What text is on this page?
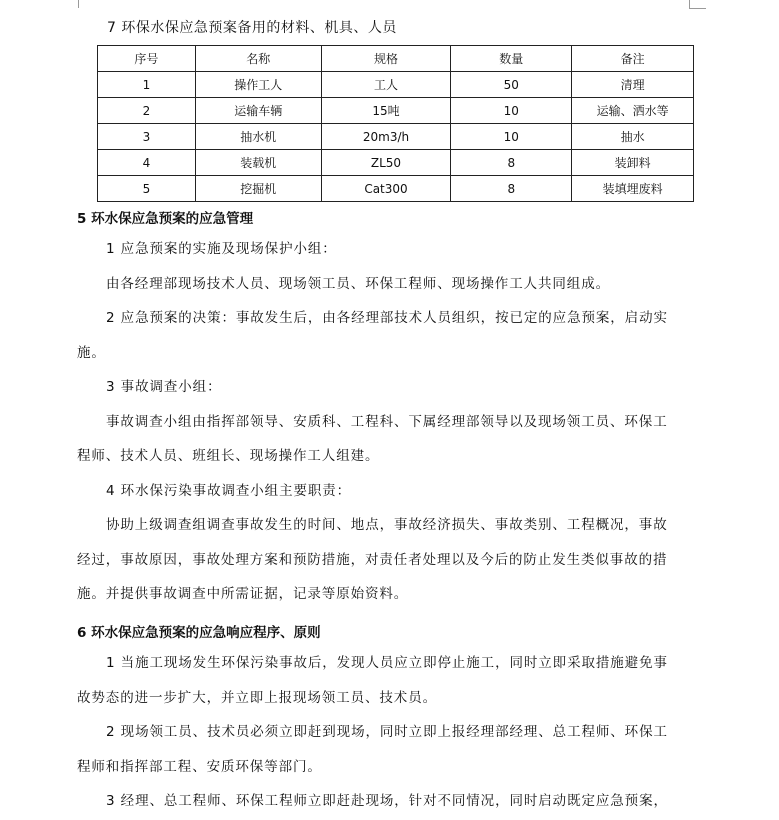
7 环保水保应急预案备用的材料、机具、人员
序号	名称	规格	数量	备注
1	操作工人	工人	50	清理
2	运输车辆	15吨	10	运输、洒水等
3	抽水机	20m3/h	10	抽水
4	装载机	ZL50	8	装卸料
5	挖掘机	Cat300	8	装填埋废料
5 环水保应急预案的应急管理
1 应急预案的实施及现场保护小组：
由各经理部现场技术人员、现场领工员、环保工程师、现场操作工人共同组成。
2 应急预案的决策：事故发生后，由各经理部技术人员组织，按已定的应急预案，启动实
施。
3 事故调查小组：
事故调查小组由指挥部领导、安质科、工程科、下属经理部领导以及现场领工员、环保工
程师、技术人员、班组长、现场操作工人组建。
4 环水保污染事故调查小组主要职责：
协助上级调查组调查事故发生的时间、地点，事故经济损失、事故类别、工程概况，事故
经过，事故原因，事故处理方案和预防措施，对责任者处理以及今后的防止发生类似事故的措
施。并提供事故调查中所需证据，记录等原始资料。
6 环水保应急预案的应急响应程序、原则
1 当施工现场发生环保污染事故后，发现人员应立即停止施工，同时立即采取措施避免事
故势态的进一步扩大，并立即上报现场领工员、技术员。
2 现场领工员、技术员必须立即赶到现场，同时立即上报经理部经理、总工程师、环保工
程师和指挥部工程、安质环保等部门。
3 经理、总工程师、环保工程师立即赶赴现场，针对不同情况，同时启动既定应急预案，
